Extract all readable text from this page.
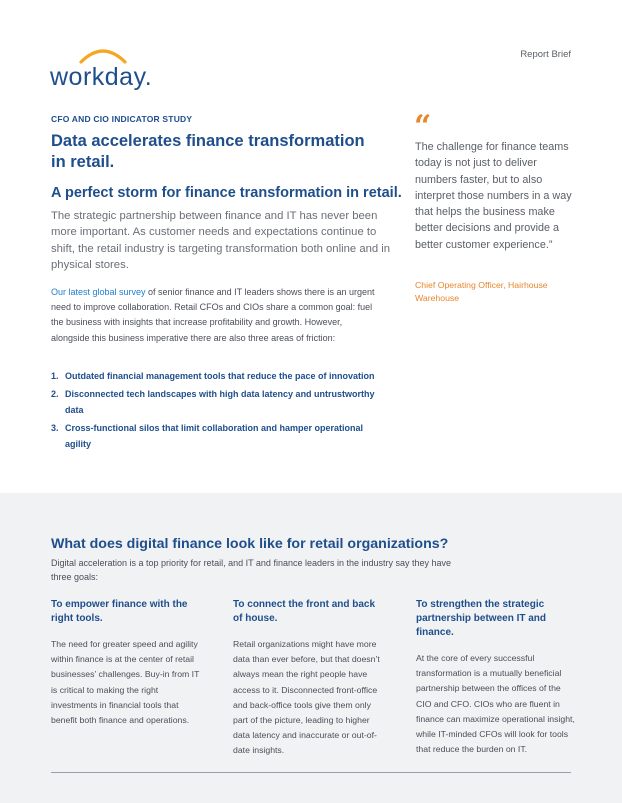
workday.
Report Brief
CFO AND CIO INDICATOR STUDY
Data accelerates finance transformation in retail.
A perfect storm for finance transformation in retail.

The strategic partnership between finance and IT has never been more important. As customer needs and expectations continue to shift, the retail industry is targeting transformation both online and in physical stores.

Our latest global survey of senior finance and IT leaders shows there is an urgent need to improve collaboration. Retail CFOs and CIOs share a common goal: fuel the business with insights that increase profitability and growth. However, alongside this business imperative there are also three areas of friction:

1. Outdated financial management tools that reduce the pace of innovation
2. Disconnected tech landscapes with high data latency and untrustworthy data
3. Cross-functional silos that limit collaboration and hamper operational agility
“
The challenge for finance teams today is not just to deliver numbers faster, but to also interpret those numbers in a way that helps the business make better decisions and provide a better customer experience.”
Chief Operating Officer, Hairhouse Warehouse
What does digital finance look like for retail organizations?

Digital acceleration is a top priority for retail, and IT and finance leaders in the industry say they have three goals:

To empower finance with the right tools.

The need for greater speed and agility within finance is at the center of retail businesses’ challenges. Buy-in from IT is critical to making the right investments in financial tools that benefit both finance and operations.

To connect the front and back of house.

Retail organizations might have more data than ever before, but that doesn’t always mean the right people have access to it. Disconnected front-office and back-office tools give them only part of the picture, leading to higher data latency and inaccurate or out-of-date insights.

To strengthen the strategic partnership between IT and finance.

At the core of every successful transformation is a mutually beneficial partnership between the offices of the CIO and CFO. CIOs who are fluent in finance can maximize operational insight, while IT-minded CFOs will look for tools that reduce the burden on IT.
